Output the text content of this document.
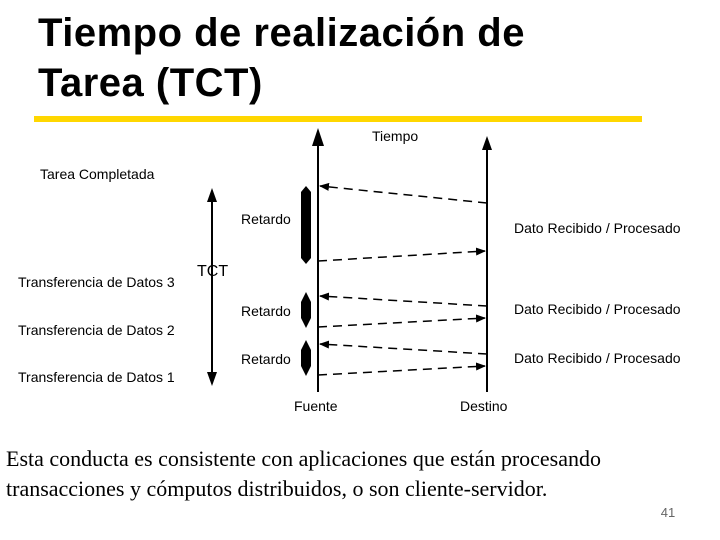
Tiempo de realización de
Tarea (TCT)
Tiempo
Tarea Completada
TCT
Retardo
Retardo
Retardo
Transferencia de Datos 3
Transferencia de Datos 2
Transferencia de Datos 1
Dato Recibido / Procesado
Dato Recibido / Procesado
Dato Recibido / Procesado
Fuente	Destino
Esta conducta es consistente con aplicaciones que están procesando transacciones y cómputos distribuidos, o son cliente-servidor.
41
